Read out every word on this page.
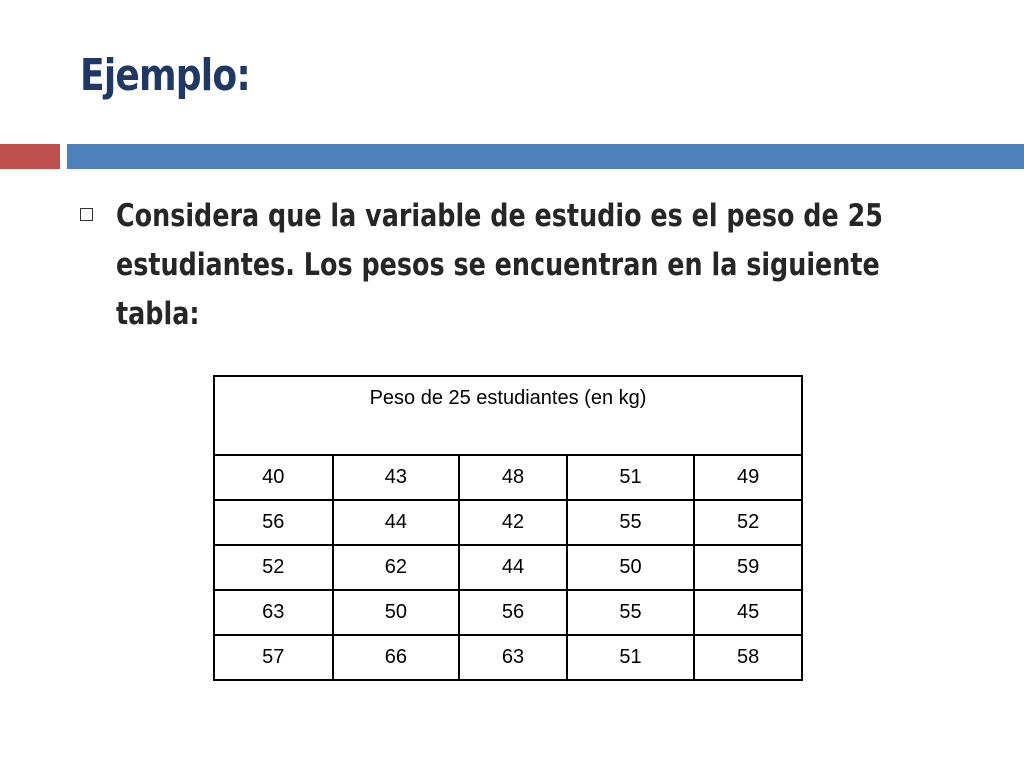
Ejemplo:

Considera que la variable de estudio es el peso de 25 estudiantes. Los pesos se encuentran en la siguiente tabla:

Peso de 25 estudiantes (en kg)				
40	43	48	51	49
56	44	42	55	52
52	62	44	50	59
63	50	56	55	45
57	66	63	51	58
